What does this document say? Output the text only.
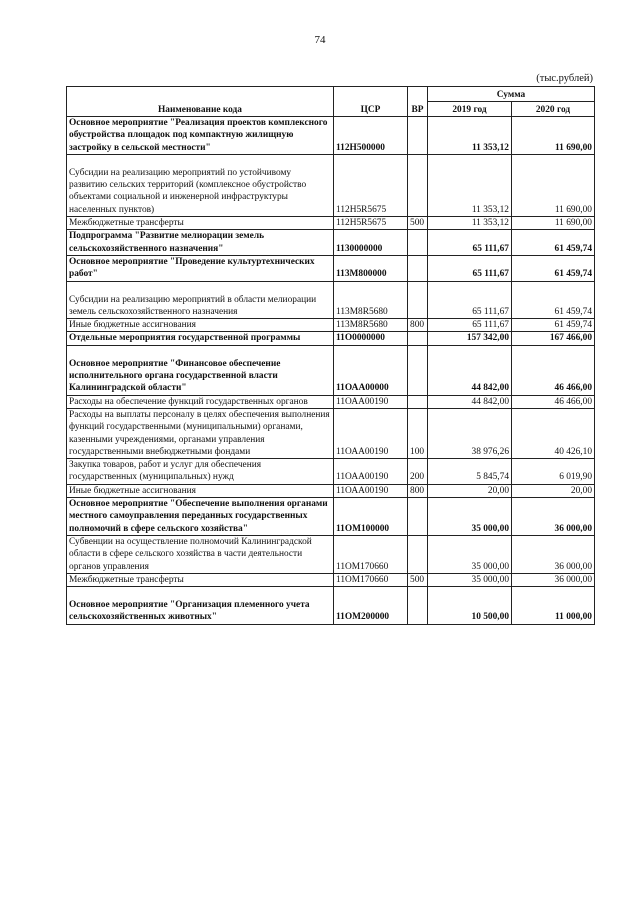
74
(тыс.рублей)
Наименование кода	ЦСР	ВР	Сумма	
			2019 год	2020 год
Основное мероприятие "Реализация проектов комплексного обустройства площадок под компактную жилищную застройку в сельской местности"	112Н500000		11 353,12	11 690,00

Субсидии на реализацию мероприятий по устойчивому развитию сельских территорий (комплексное обустройство объектами социальной и инженерной инфраструктуры населенных пунктов)	112Н5R5675		11 353,12	11 690,00
Межбюджетные трансферты	112Н5R5675	500	11 353,12	11 690,00
Подпрограмма "Развитие мелиорации земель сельскохозяйственного назначения"	1130000000		65 111,67	61 459,74
Основное мероприятие "Проведение культуртехнических работ"	113М800000		65 111,67	61 459,74

Субсидии на реализацию мероприятий в области мелиорации земель сельскохозяйственного назначения	113М8R5680		65 111,67	61 459,74
Иные бюджетные ассигнования	113М8R5680	800	65 111,67	61 459,74
Отдельные мероприятия государственной программы	11О0000000		157 342,00	167 466,00

Основное мероприятие "Финансовое обеспечение исполнительного органа государственной власти Калининградской области"	11ОАА00000		44 842,00	46 466,00
Расходы на обеспечение функций государственных органов	11ОАА00190		44 842,00	46 466,00
Расходы на выплаты персоналу в целях обеспечения выполнения функций государственными (муниципальными) органами, казенными учреждениями, органами управления государственными внебюджетными фондами	11ОАА00190	100	38 976,26	40 426,10
Закупка товаров, работ и услуг для обеспечения государственных (муниципальных) нужд	11ОАА00190	200	5 845,74	6 019,90
Иные бюджетные ассигнования	11ОАА00190	800	20,00	20,00
Основное мероприятие "Обеспечение выполнения органами местного самоуправления переданных государственных полномочий в сфере сельского хозяйства"	11ОМ100000		35 000,00	36 000,00
Субвенции на осуществление полномочий Калининградской области в сфере сельского хозяйства в части деятельности органов управления	11ОМ170660		35 000,00	36 000,00
Межбюджетные трансферты	11ОМ170660	500	35 000,00	36 000,00

Основное мероприятие "Организация племенного учета сельскохозяйственных животных"	11ОМ200000		10 500,00	11 000,00
